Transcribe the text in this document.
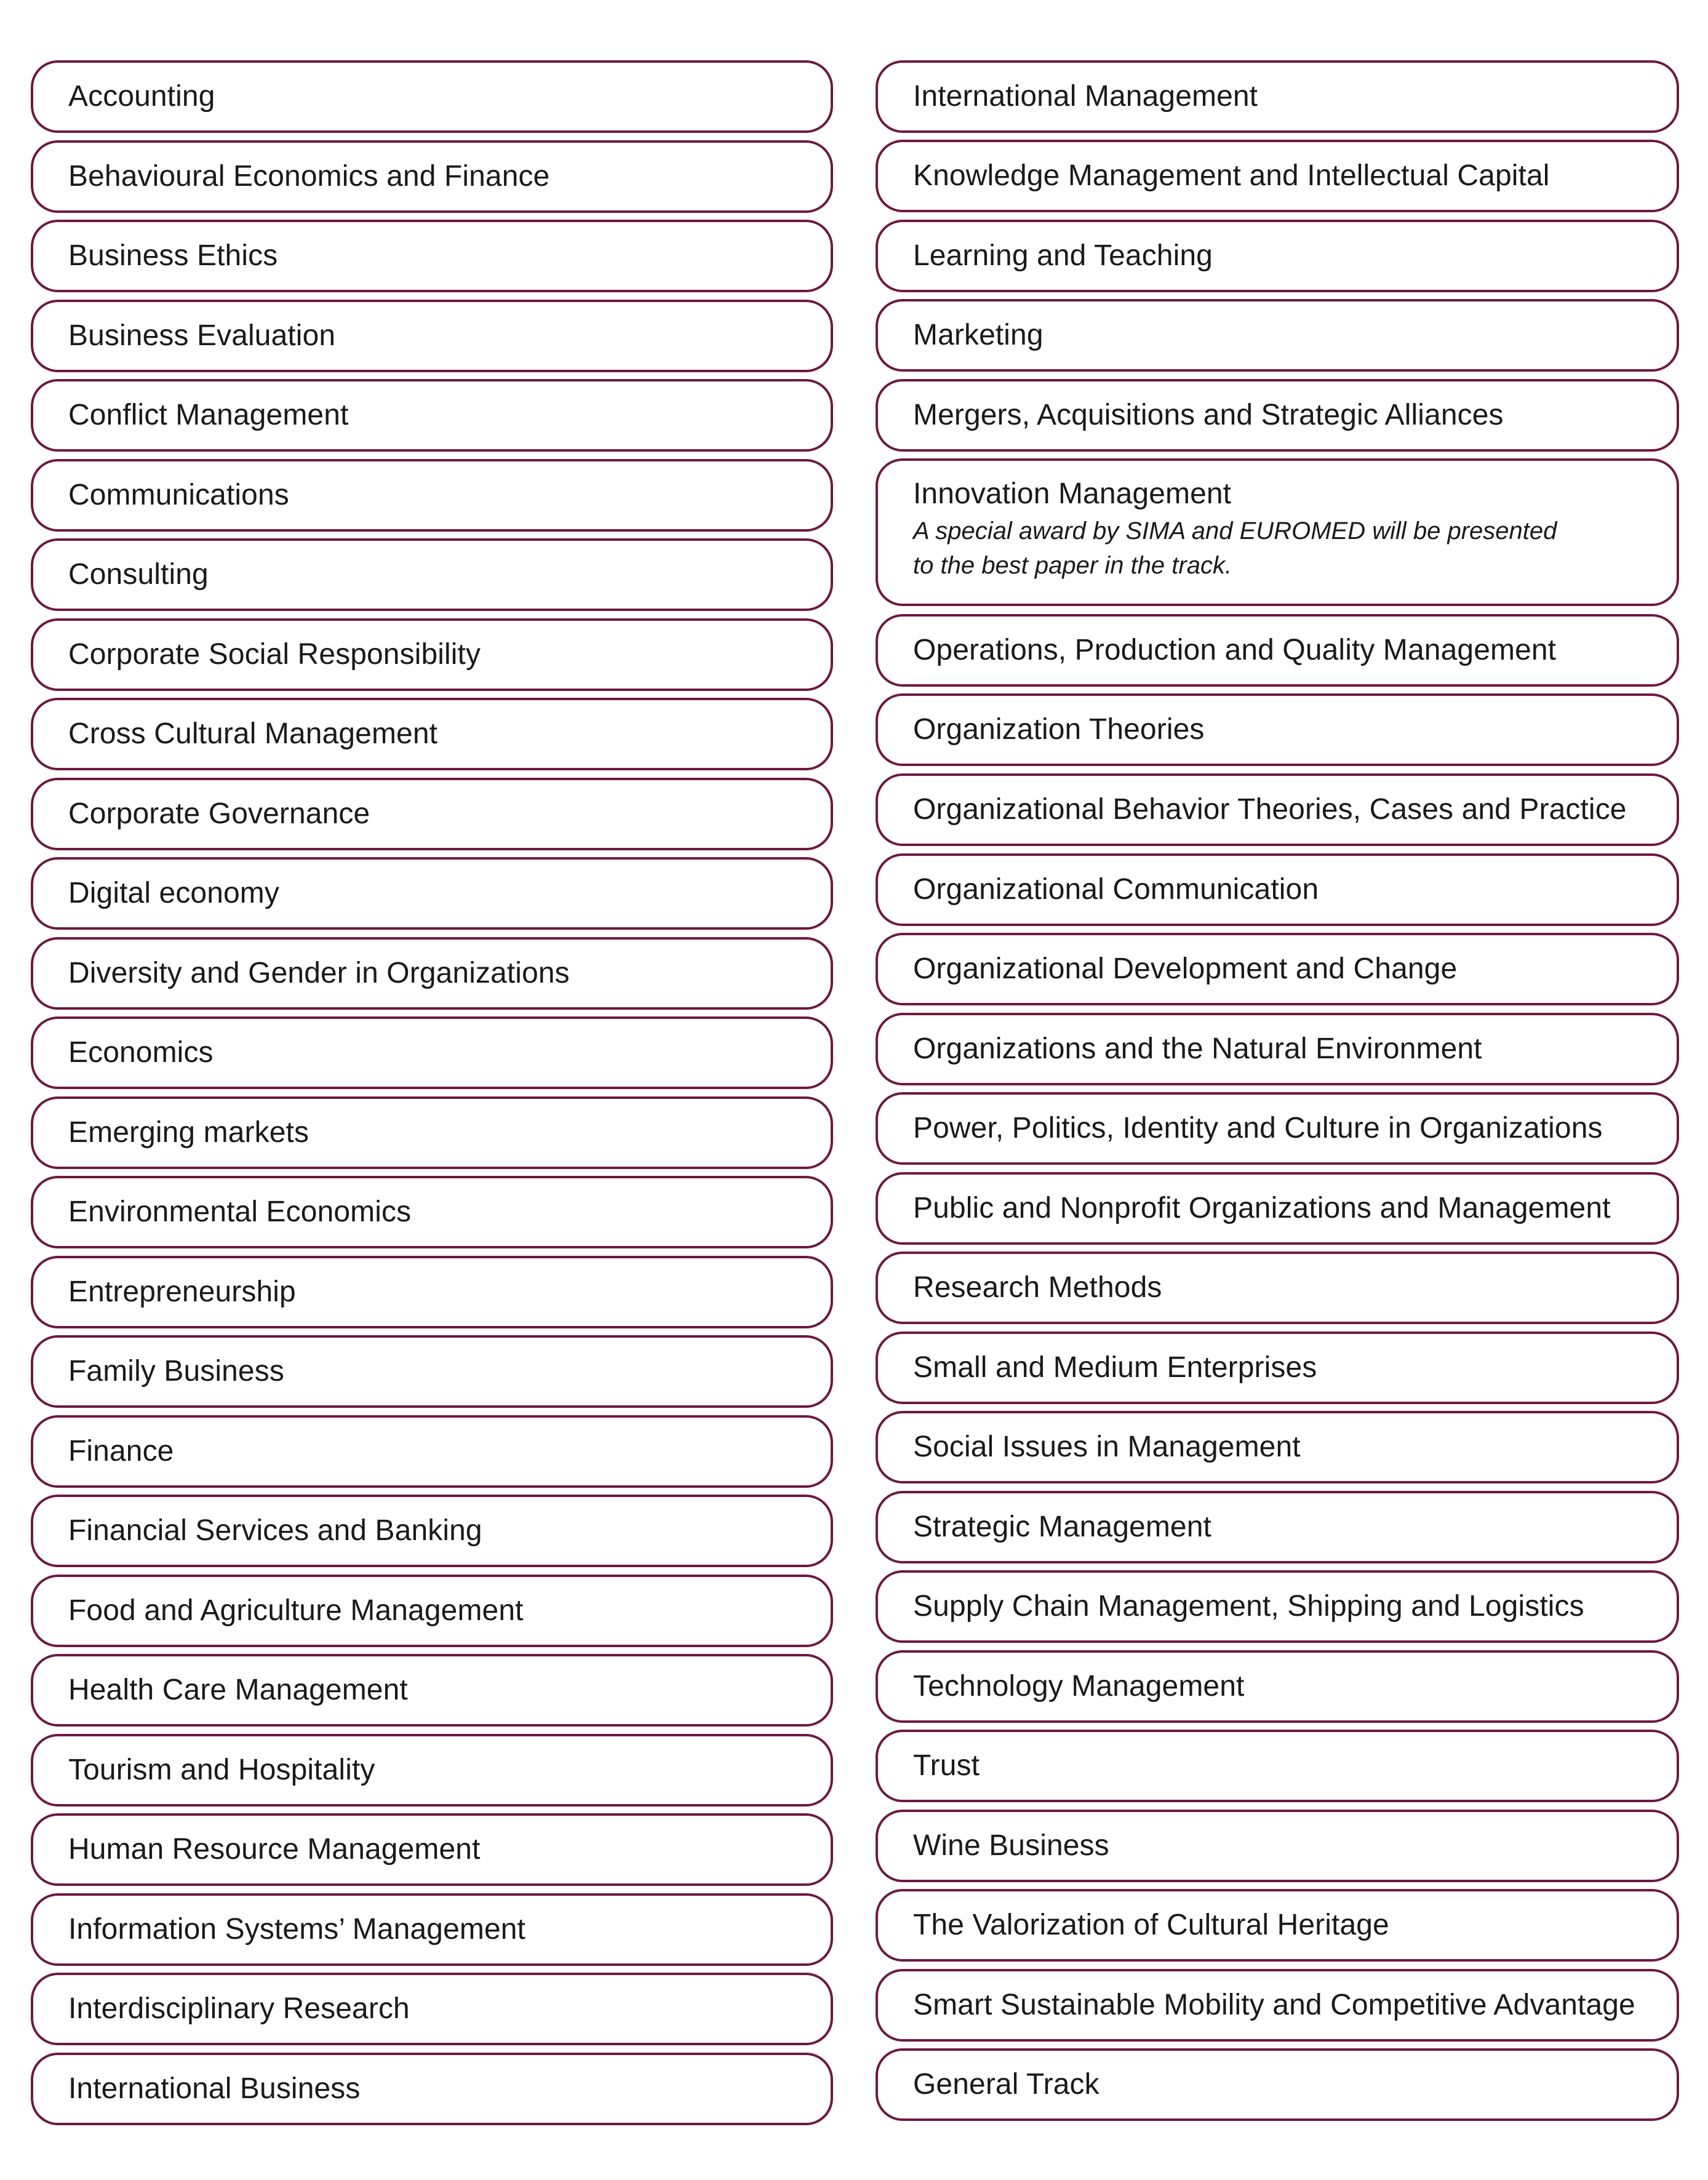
Accounting
Behavioural Economics and Finance
Business Ethics
Business Evaluation
Conflict Management
Communications
Consulting
Corporate Social Responsibility
Cross Cultural Management
Corporate Governance
Digital economy
Diversity and Gender in Organizations
Economics
Emerging markets
Environmental Economics
Entrepreneurship
Family Business
Finance
Financial Services and Banking
Food and Agriculture Management
Health Care Management
Tourism and Hospitality
Human Resource Management
Information Systems’ Management
Interdisciplinary Research
International Business
International Management
Knowledge Management and Intellectual Capital
Learning and Teaching
Marketing
Mergers, Acquisitions and Strategic Alliances
Innovation Management
A special award by SIMA and EUROMED will be presented
to the best paper in the track.
Operations, Production and Quality Management
Organization Theories
Organizational Behavior Theories, Cases and Practice
Organizational Communication
Organizational Development and Change
Organizations and the Natural Environment
Power, Politics, Identity and Culture in Organizations
Public and Nonprofit Organizations and Management
Research Methods
Small and Medium Enterprises
Social Issues in Management
Strategic Management
Supply Chain Management, Shipping and Logistics
Technology Management
Trust
Wine Business
The Valorization of Cultural Heritage
Smart Sustainable Mobility and Competitive Advantage
General Track
